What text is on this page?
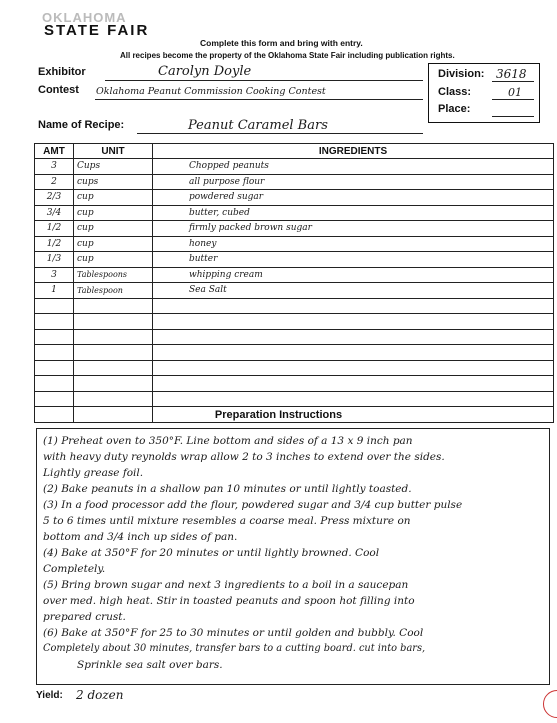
OKLAHOMA
STATE FAIR
Complete this form and bring with entry.
All recipes become the property of the Oklahoma State Fair including publication rights.
Exhibitor	Carolyn Doyle
Contest Oklahoma Peanut Commission Cooking Contest
Division: 3618
Class:	01
Place:
Name of Recipe:	Peanut Caramel Bars
AMT	UNIT	INGREDIENTS
3	Cups	Chopped peanuts
2	cups	all purpose flour
2/3	cup	powdered sugar
3/4	cup	butter, cubed
1/2	cup	firmly packed brown sugar
1/2	cup	honey
1/3	cup	butter
3	Tablespoons	whipping cream
1	Tablespoon	Sea Salt

Preparation Instructions
(1) Preheat oven to 350°F. Line bottom and sides of a 13 x 9 inch pan
with heavy duty reynolds wrap allow 2 to 3 inches to extend over the sides.
Lightly grease foil.
(2) Bake peanuts in a shallow pan 10 minutes or until lightly toasted.
(3) In a food processor add the flour, powdered sugar and 3/4 cup butter pulse
5 to 6 times until mixture resembles a coarse meal. Press mixture on
bottom and 3/4 inch up sides of pan.
(4) Bake at 350°F for 20 minutes or until lightly browned. Cool
Completely.
(5) Bring brown sugar and next 3 ingredients to a boil in a saucepan
over med. high heat. Stir in toasted peanuts and spoon hot filling into
prepared crust.
(6) Bake at 350°F for 25 to 30 minutes or until golden and bubbly. Cool
Completely about 30 minutes, transfer bars to a cutting board. cut into bars,
Sprinkle sea salt over bars.
Yield: 2 dozen
